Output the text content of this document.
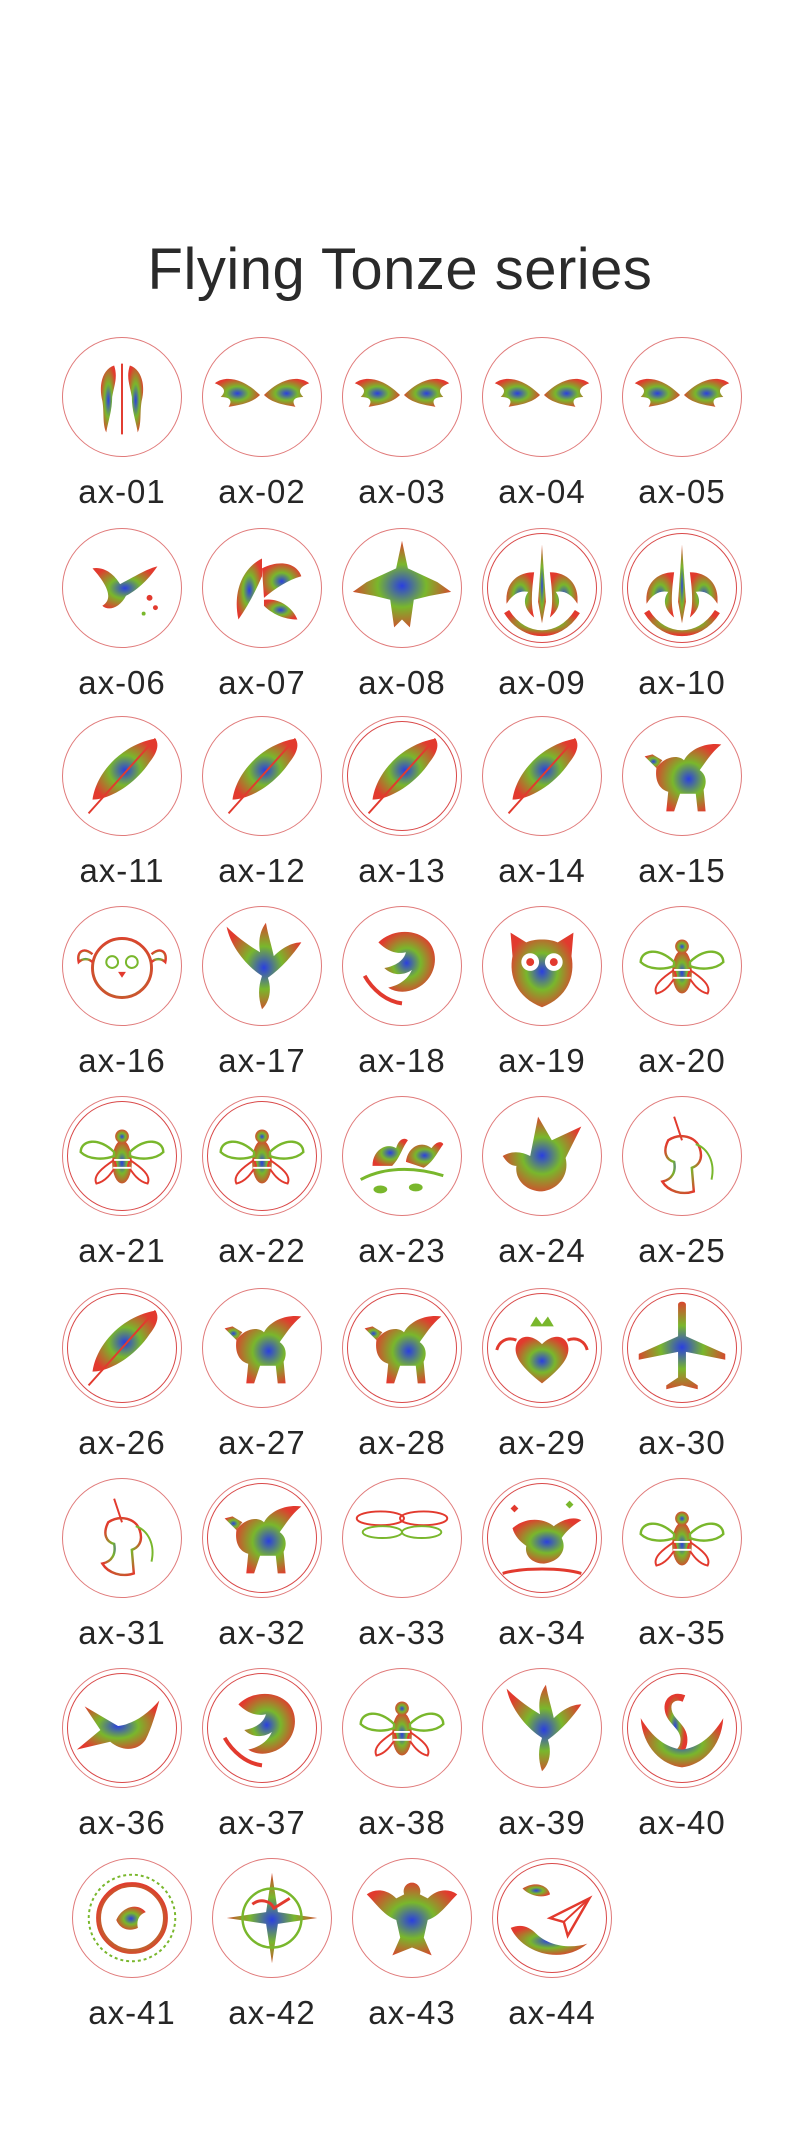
Flying Tonze series
ax-01	ax-02	ax-03	ax-04	ax-05
ax-06	ax-07	ax-08	ax-09	ax-10
ax-11	ax-12	ax-13	ax-14	ax-15
ax-16	ax-17	ax-18	ax-19	ax-20
ax-21	ax-22	ax-23	ax-24	ax-25
ax-26	ax-27	ax-28	ax-29	ax-30
ax-31	ax-32	ax-33	ax-34	ax-35
ax-36	ax-37	ax-38	ax-39	ax-40
ax-41	ax-42	ax-43	ax-44
